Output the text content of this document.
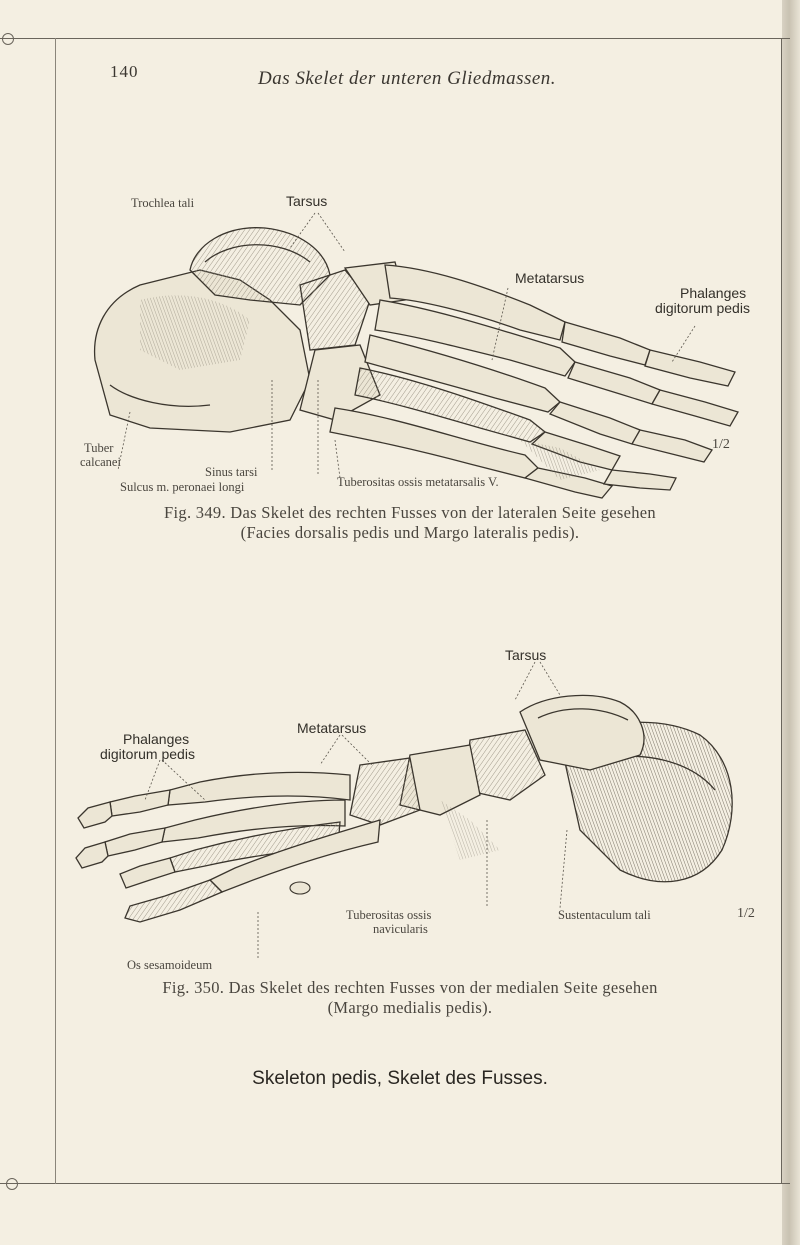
140	Das Skelet der unteren Gliedmassen.
Trochlea tali	Tarsus
Metatarsus
Phalanges
digitorum pedis
Tuber
calcanei
Sinus tarsi
Sulcus m. peronaei longi	Tuberositas ossis metatarsalis V.
1/2
Fig. 349. Das Skelet des rechten Fusses von der lateralen Seite gesehen
(Facies dorsalis pedis und Margo lateralis pedis).
Tarsus
Metatarsus
Phalanges
digitorum pedis
Tuberositas ossis
navicularis
Sustentaculum tali	1/2
Os sesamoideum
Fig. 350. Das Skelet des rechten Fusses von der medialen Seite gesehen
(Margo medialis pedis).
Skeleton pedis, Skelet des Fusses.
